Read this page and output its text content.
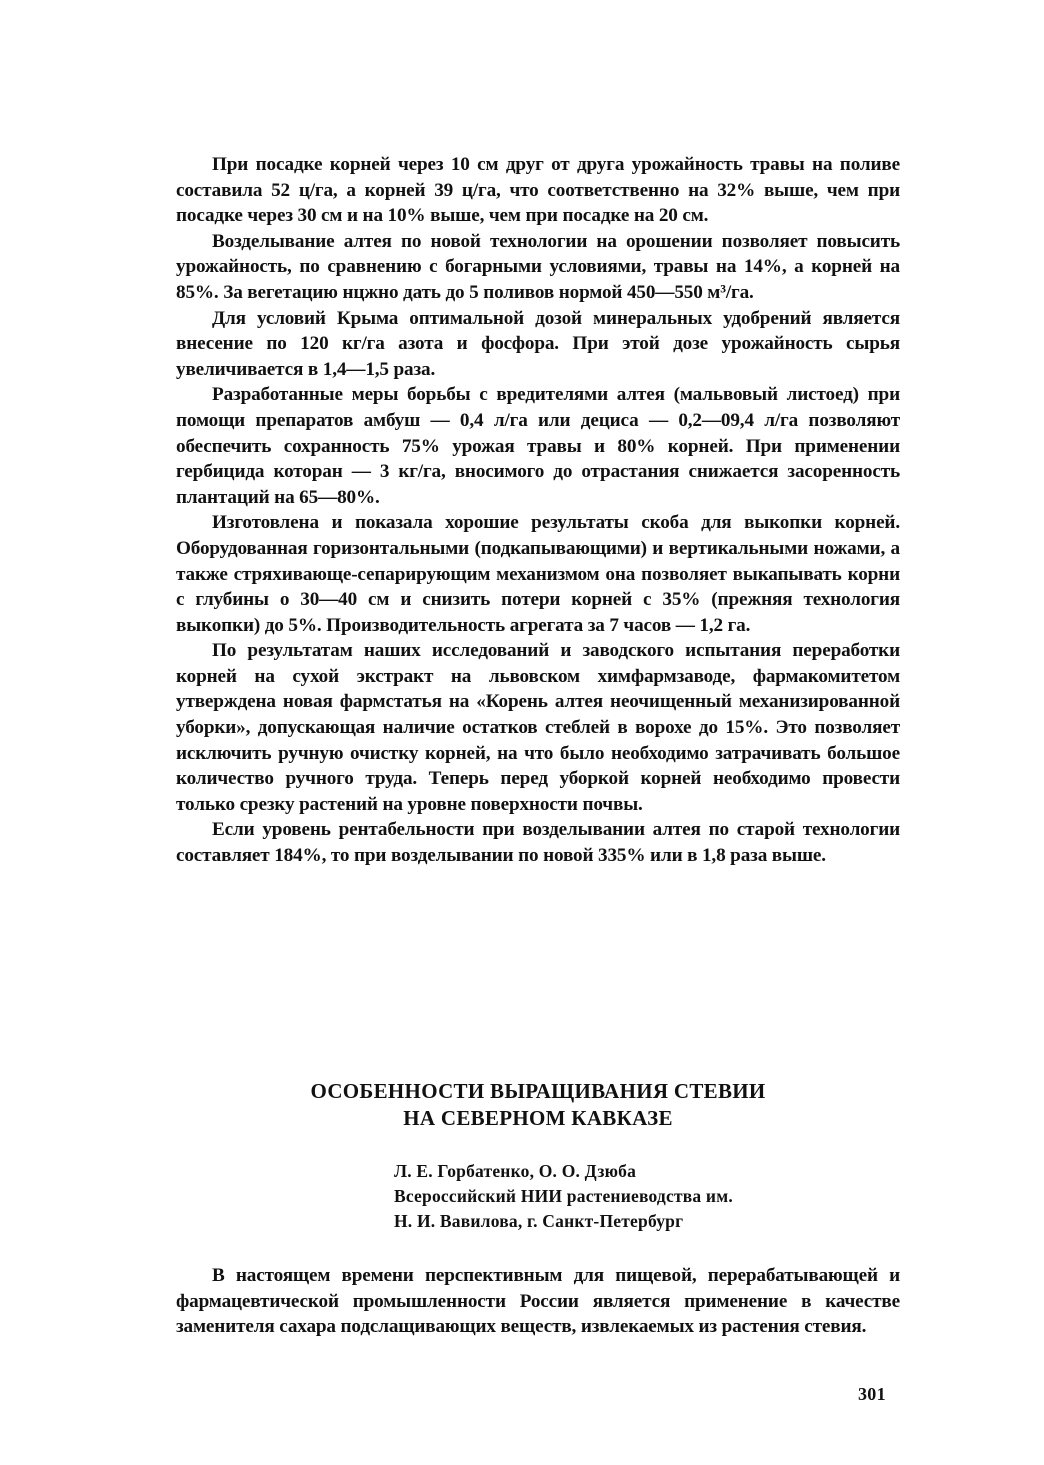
При посадке корней через 10 см друг от друга урожайность травы на поливе составила 52 ц/га, а корней 39 ц/га, что соответственно на 32% выше, чем при посадке через 30 см и на 10% выше, чем при посадке на 20 см.

Возделывание алтея по новой технологии на орошении позволяет повысить урожайность, по сравнению с богарными условиями, травы на 14%, а корней на 85%. За вегетацию нцжно дать до 5 поливов нормой 450—550 м³/га.

Для условий Крыма оптимальной дозой минеральных удобрений является внесение по 120 кг/га азота и фосфора. При этой дозе урожайность сырья увеличивается в 1,4—1,5 раза.

Разработанные меры борьбы с вредителями алтея (мальвовый листоед) при помощи препаратов амбуш — 0,4 л/га или дециса — 0,2—09,4 л/га позволяют обеспечить сохранность 75% урожая травы и 80% корней. При применении гербицида которан — 3 кг/га, вносимого до отрастания снижается засоренность плантаций на 65—80%.

Изготовлена и показала хорошие результаты скоба для выкопки корней. Оборудованная горизонтальными (подкапывающими) и вертикальными ножами, а также стряхивающе-сепарирующим механизмом она позволяет выкапывать корни с глубины о 30—40 см и снизить потери корней с 35% (прежняя технология выкопки) до 5%. Производительность агрегата за 7 часов — 1,2 га.

По результатам наших исследований и заводского испытания переработки корней на сухой экстракт на львовском химфармзаводе, фармакомитетом утверждена новая фармстатья на «Корень алтея неочищенный механизированной уборки», допускающая наличие остатков стеблей в ворохе до 15%. Это позволяет исключить ручную очистку корней, на что было необходимо затрачивать большое количество ручного труда. Теперь перед уборкой корней необходимо провести только срезку растений на уровне поверхности почвы.

Если уровень рентабельности при возделывании алтея по старой технологии составляет 184%, то при возделывании по новой 335% или в 1,8 раза выше.

ОСОБЕННОСТИ ВЫРАЩИВАНИЯ СТЕВИИ
НА СЕВЕРНОМ КАВКАЗЕ
Л. Е. Горбатенко, О. О. Дзюба
Всероссийский НИИ растениеводства им.
Н. И. Вавилова, г. Санкт-Петербург

В настоящем времени перспективным для пищевой, перерабатывающей и фармацевтической промышленности России является применение в качестве заменителя сахара подслащивающих веществ, извлекаемых из растения стевия.

301
